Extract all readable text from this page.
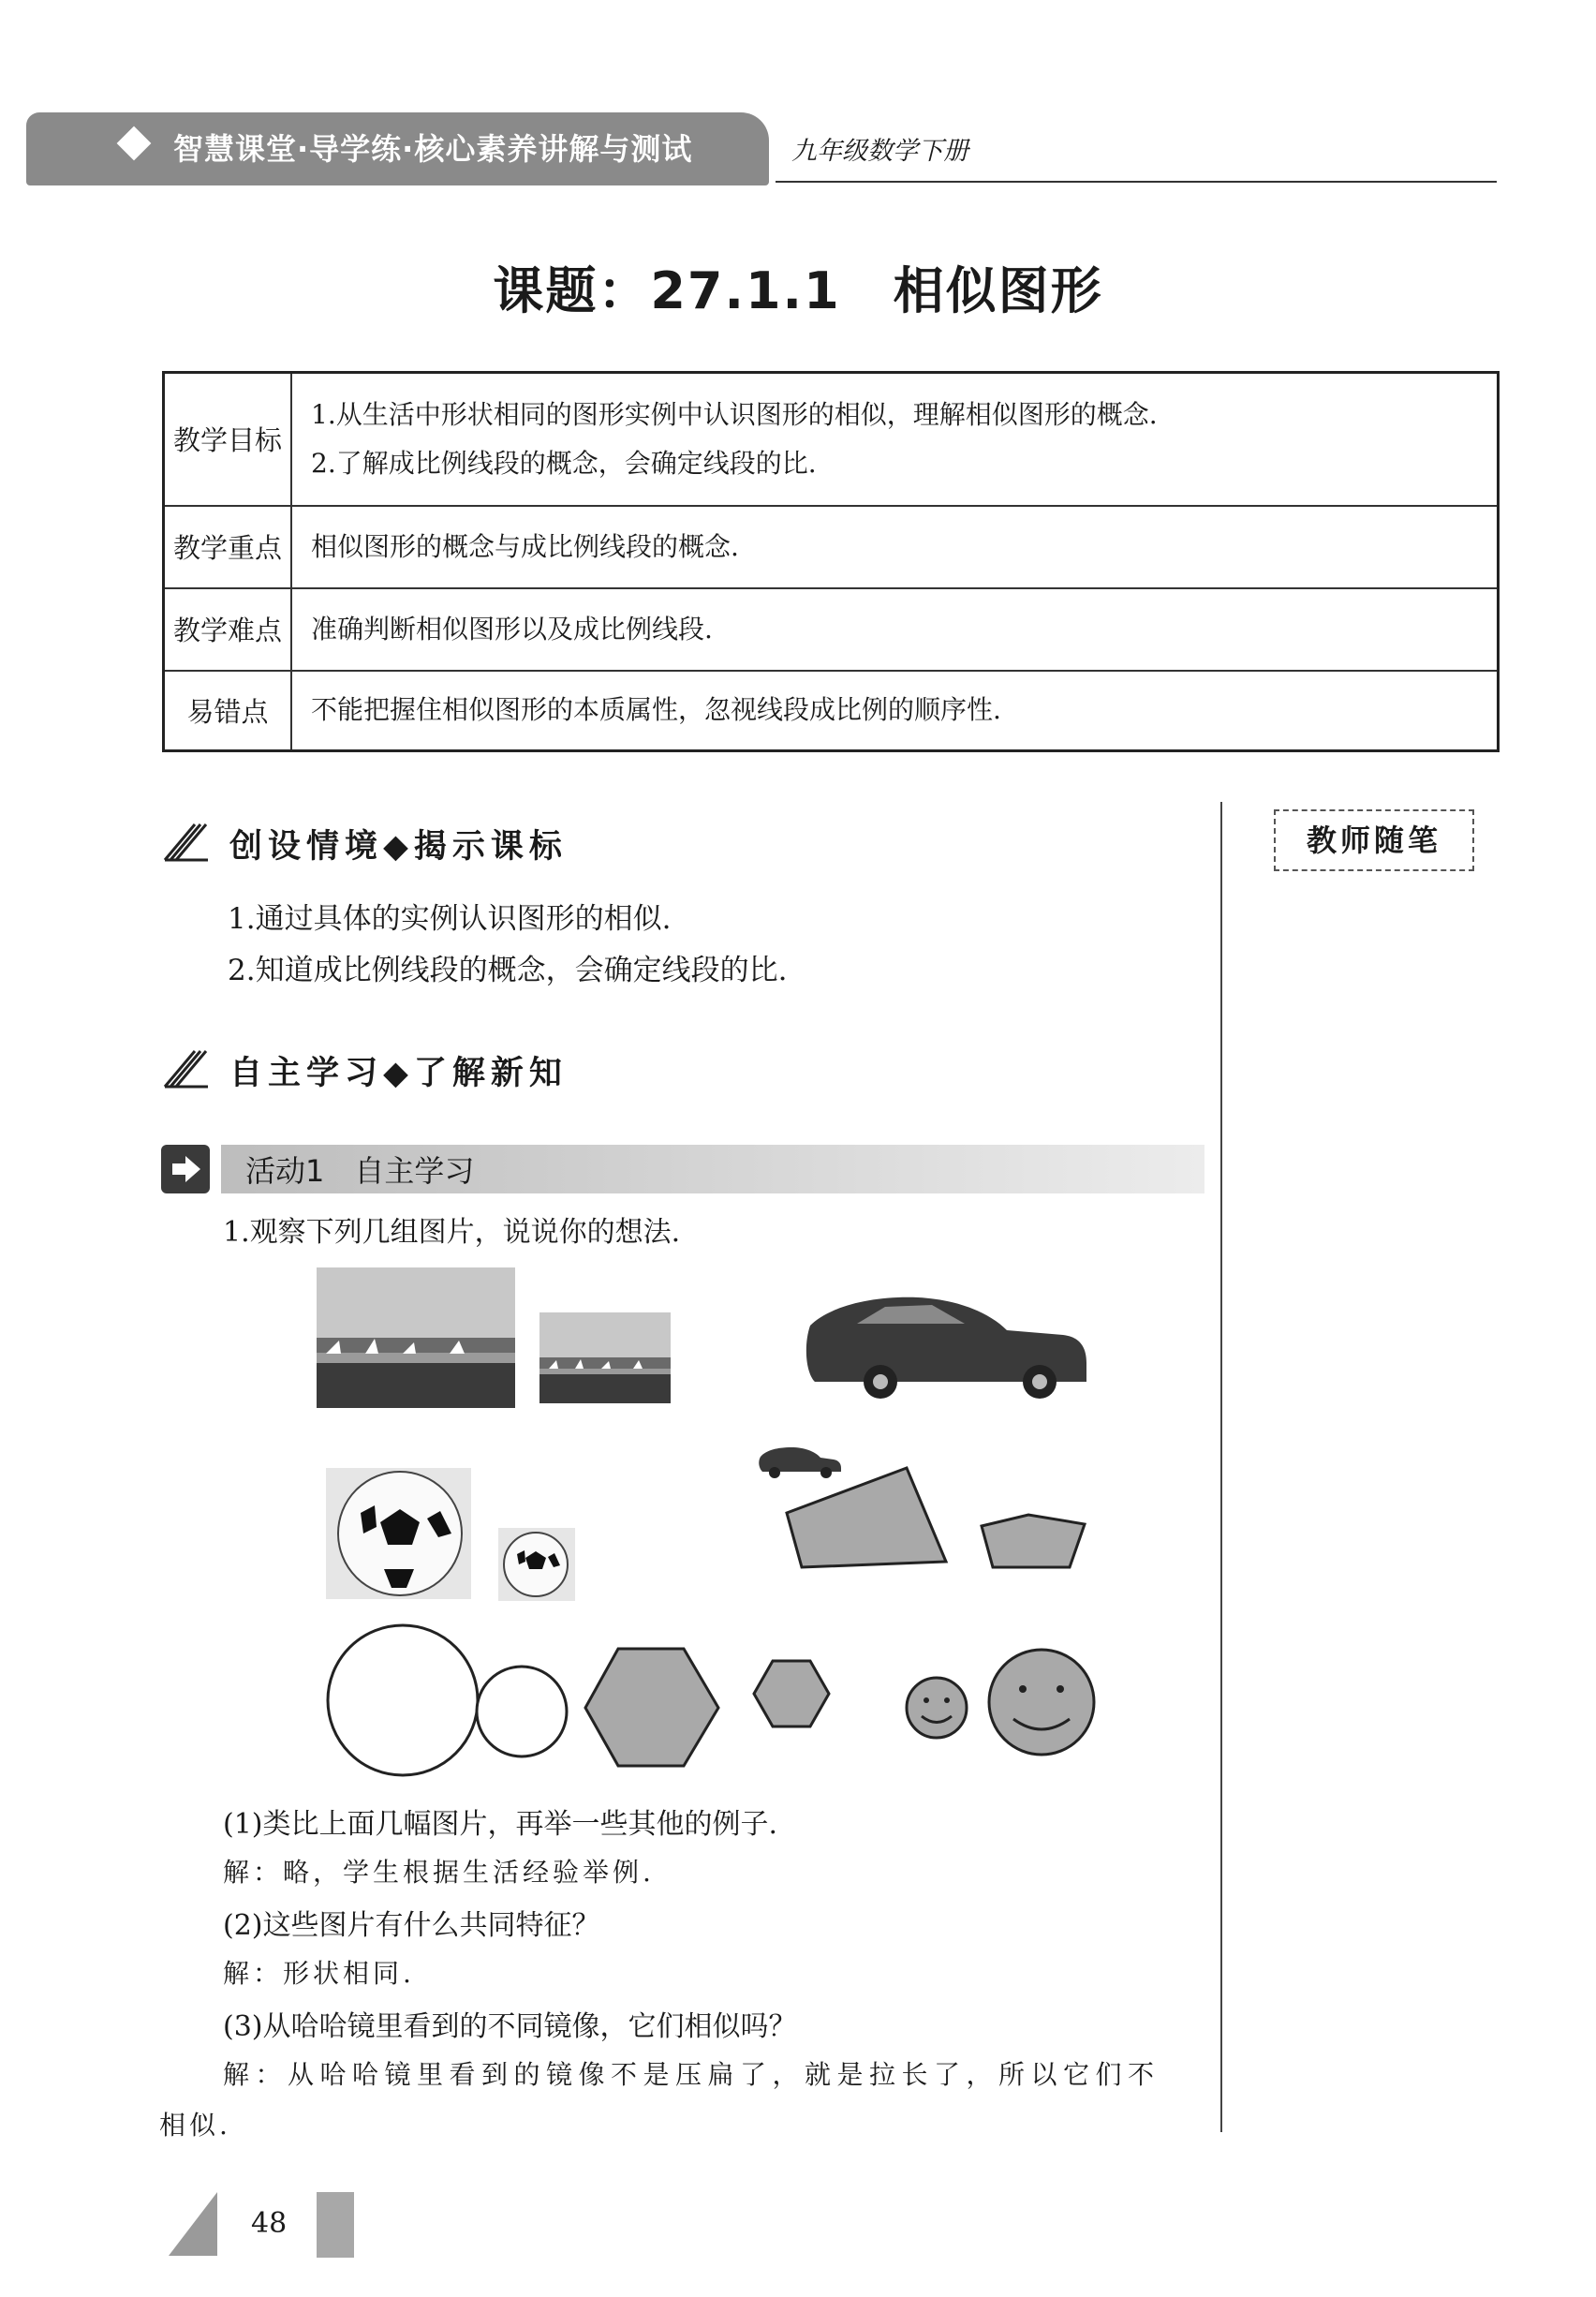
智慧课堂·导学练·核心素养讲解与测试	九年级数学下册
课题：27.1.1　相似图形
教学目标	1.从生活中形状相同的图形实例中认识图形的相似，理解相似图形的概念.
2.了解成比例线段的概念，会确定线段的比.

教学重点	相似图形的概念与成比例线段的概念.

教学难点	准确判断相似图形以及成比例线段.

易错点	不能把握住相似图形的本质属性，忽视线段成比例的顺序性.
教师随笔
创设情境◆揭示课标
1.通过具体的实例认识图形的相似.
2.知道成比例线段的概念，会确定线段的比.
自主学习◆了解新知
活动1　自主学习
1.观察下列几组图片，说说你的想法.
(1)类比上面几幅图片，再举一些其他的例子.
解：略，学生根据生活经验举例.
(2)这些图片有什么共同特征？
解：形状相同.
(3)从哈哈镜里看到的不同镜像，它们相似吗？
解：从哈哈镜里看到的镜像不是压扁了，就是拉长了，所以它们不
相似.
48
